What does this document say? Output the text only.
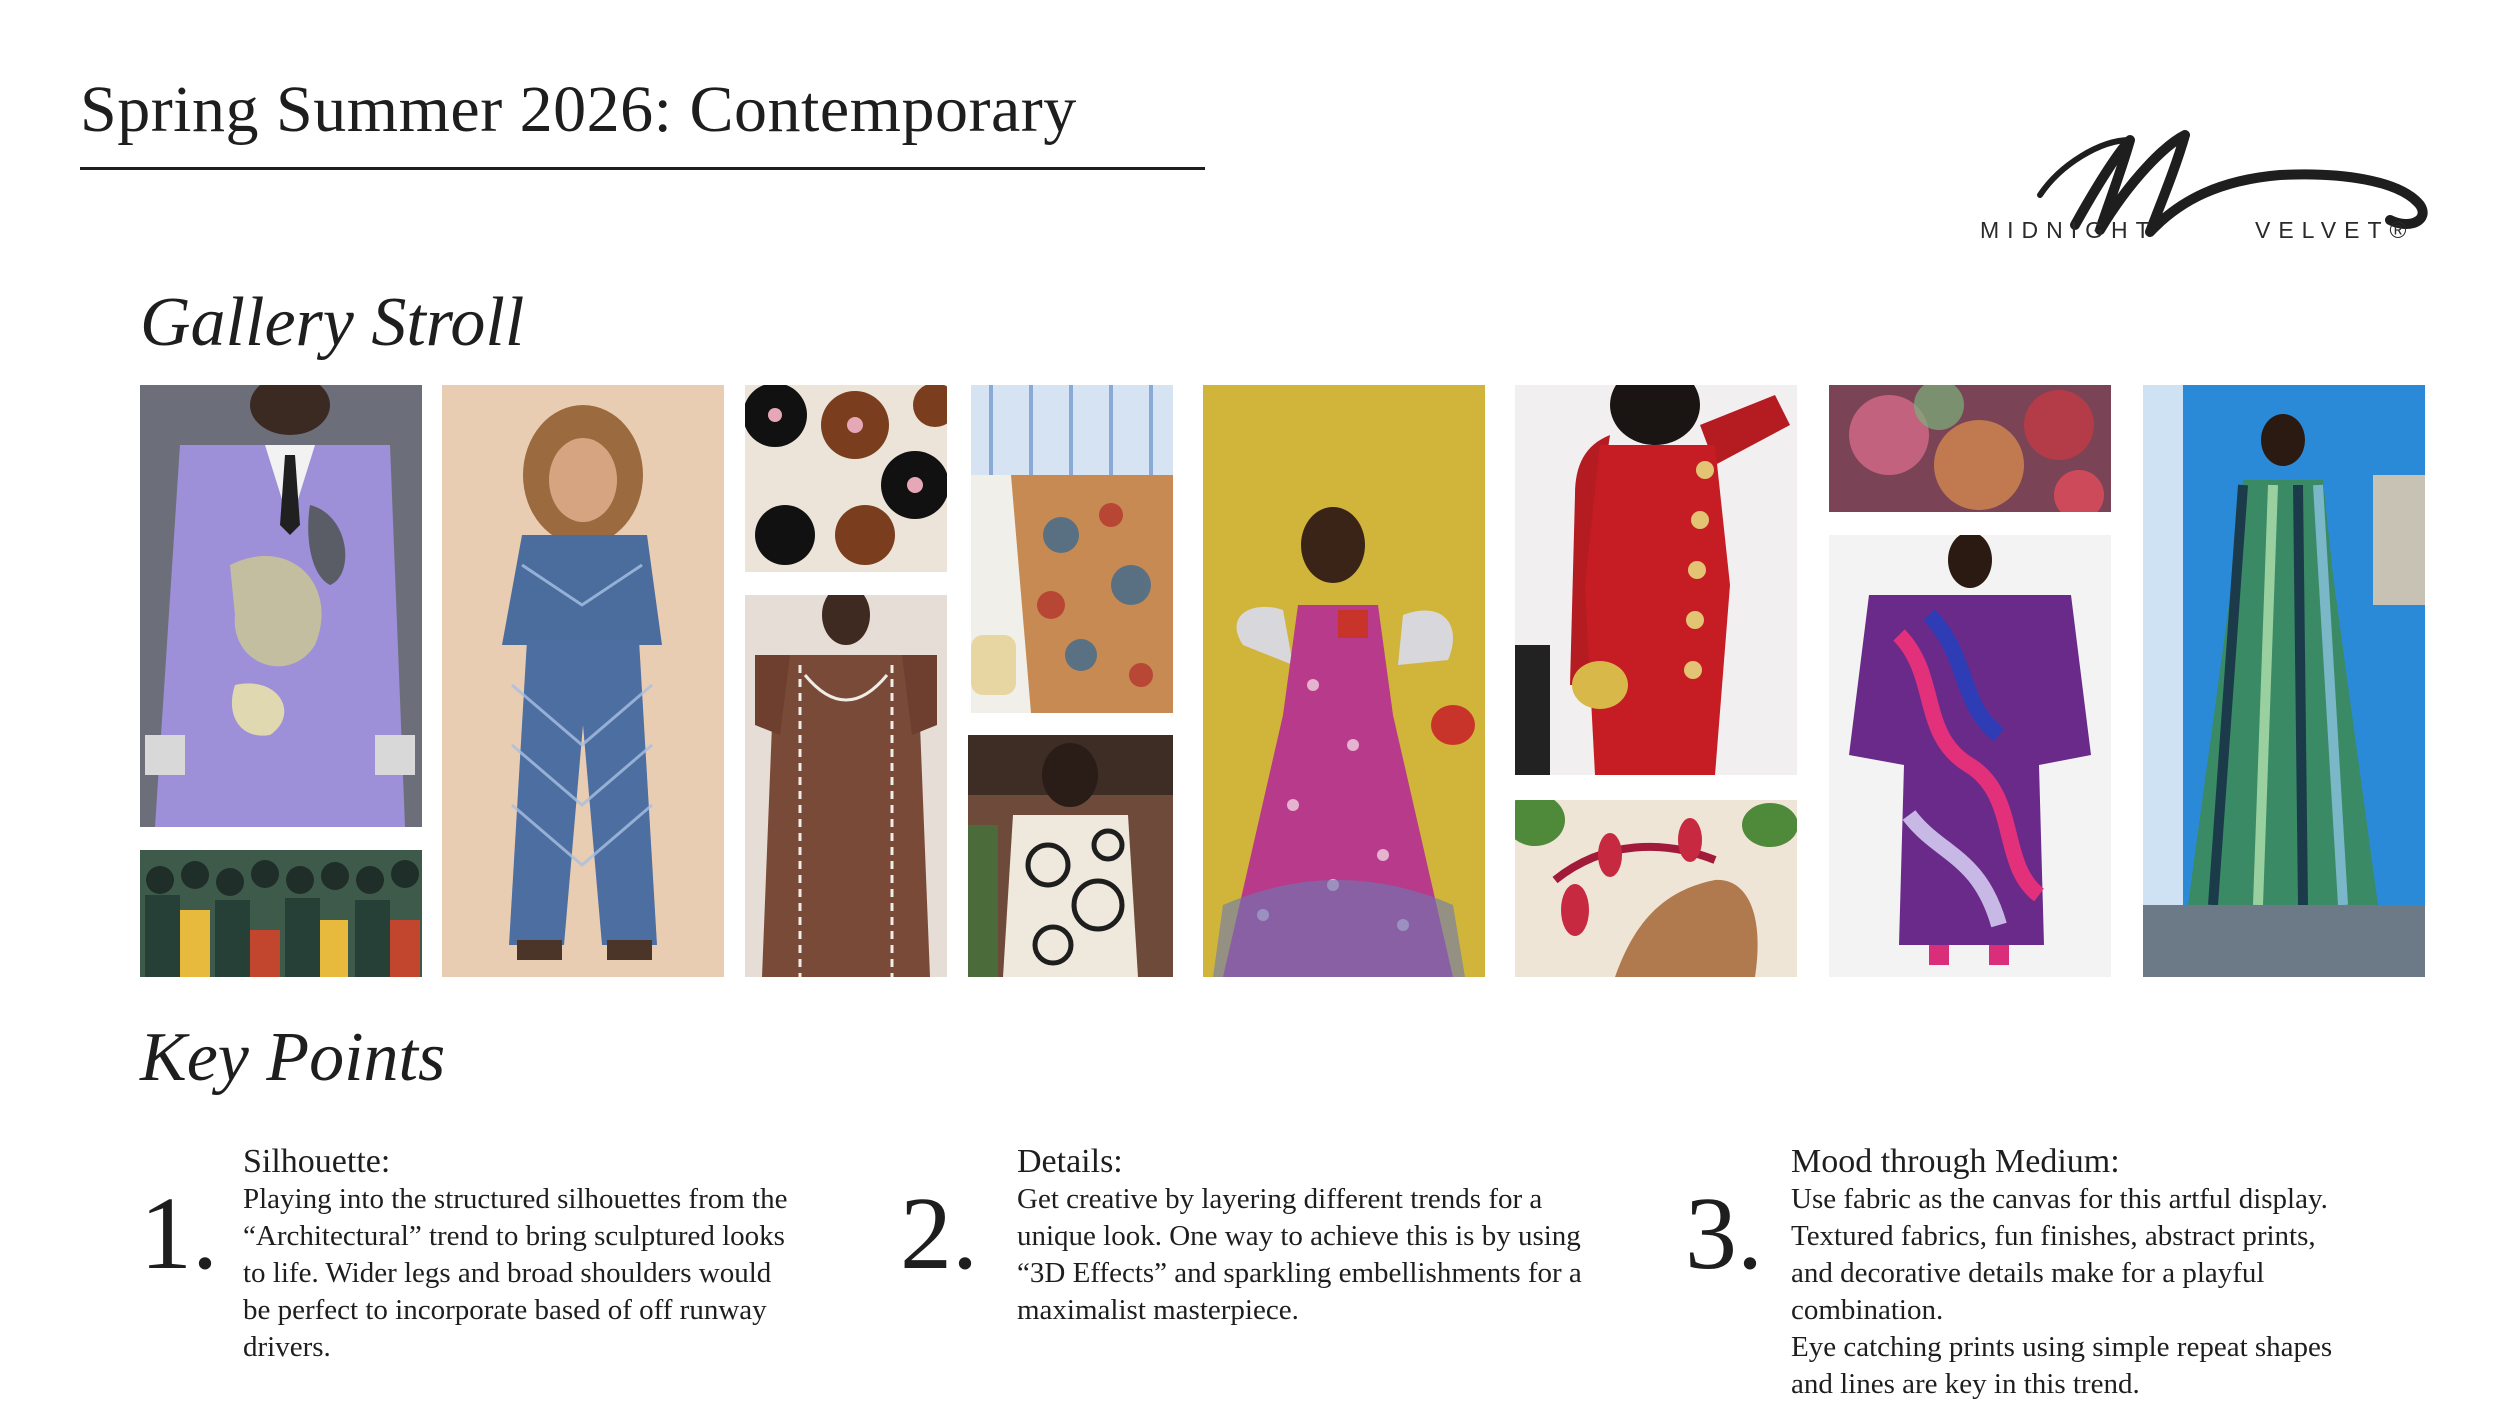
Spring Summer 2026: Contemporary
MIDNIGHT	VELVET®
Gallery Stroll
Key Points
1.
Silhouette:

Playing into the structured silhouettes from the

“Architectural” trend to bring sculptured looks

to life. Wider legs and broad shoulders would

be perfect to incorporate based of off runway

drivers.

2.
Details:

Get creative by layering different trends for a

unique look. One way to achieve this is by using

“3D Effects” and sparkling embellishments for a

maximalist masterpiece.

3.
Mood through Medium:

Use fabric as the canvas for this artful display.

Textured fabrics, fun finishes, abstract prints,

and decorative details make for a playful

combination.

Eye catching prints using simple repeat shapes

and lines are key in this trend.
